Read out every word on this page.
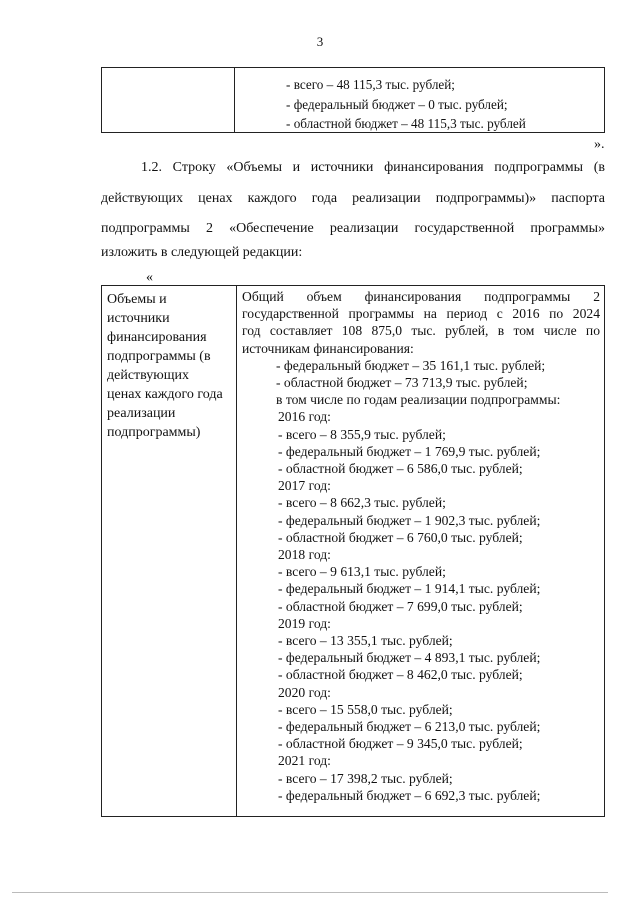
3
- всего – 48 115,3 тыс. рублей;
- федеральный бюджет – 0 тыс. рублей;
- областной бюджет – 48 115,3 тыс. рублей
».
1.2. Строку «Объемы и источники финансирования подпрограммы (в
действующих ценах каждого года реализации подпрограммы)» паспорта
подпрограммы 2 «Обеспечение реализации государственной программы»
изложить в следующей редакции:
«
Объемы и
источники
финансирования
подпрограммы (в
действующих
ценах каждого года
реализации
подпрограммы)
Общий объем финансирования подпрограммы 2
государственной программы на период с 2016 по 2024
год составляет 108 875,0 тыс. рублей, в том числе по
источникам финансирования:
- федеральный бюджет – 35 161,1 тыс. рублей;
- областной бюджет – 73 713,9 тыс. рублей;
в том числе по годам реализации подпрограммы:
2016 год:
- всего – 8 355,9 тыс. рублей;
- федеральный бюджет – 1 769,9 тыс. рублей;
- областной бюджет – 6 586,0 тыс. рублей;
2017 год:
- всего – 8 662,3 тыс. рублей;
- федеральный бюджет – 1 902,3 тыс. рублей;
- областной бюджет – 6 760,0 тыс. рублей;
2018 год:
- всего – 9 613,1 тыс. рублей;
- федеральный бюджет – 1 914,1 тыс. рублей;
- областной бюджет – 7 699,0 тыс. рублей;
2019 год:
- всего – 13 355,1 тыс. рублей;
- федеральный бюджет – 4 893,1 тыс. рублей;
- областной бюджет – 8 462,0 тыс. рублей;
2020 год:
- всего – 15 558,0 тыс. рублей;
- федеральный бюджет – 6 213,0 тыс. рублей;
- областной бюджет – 9 345,0 тыс. рублей;
2021 год:
- всего – 17 398,2 тыс. рублей;
- федеральный бюджет – 6 692,3 тыс. рублей;
